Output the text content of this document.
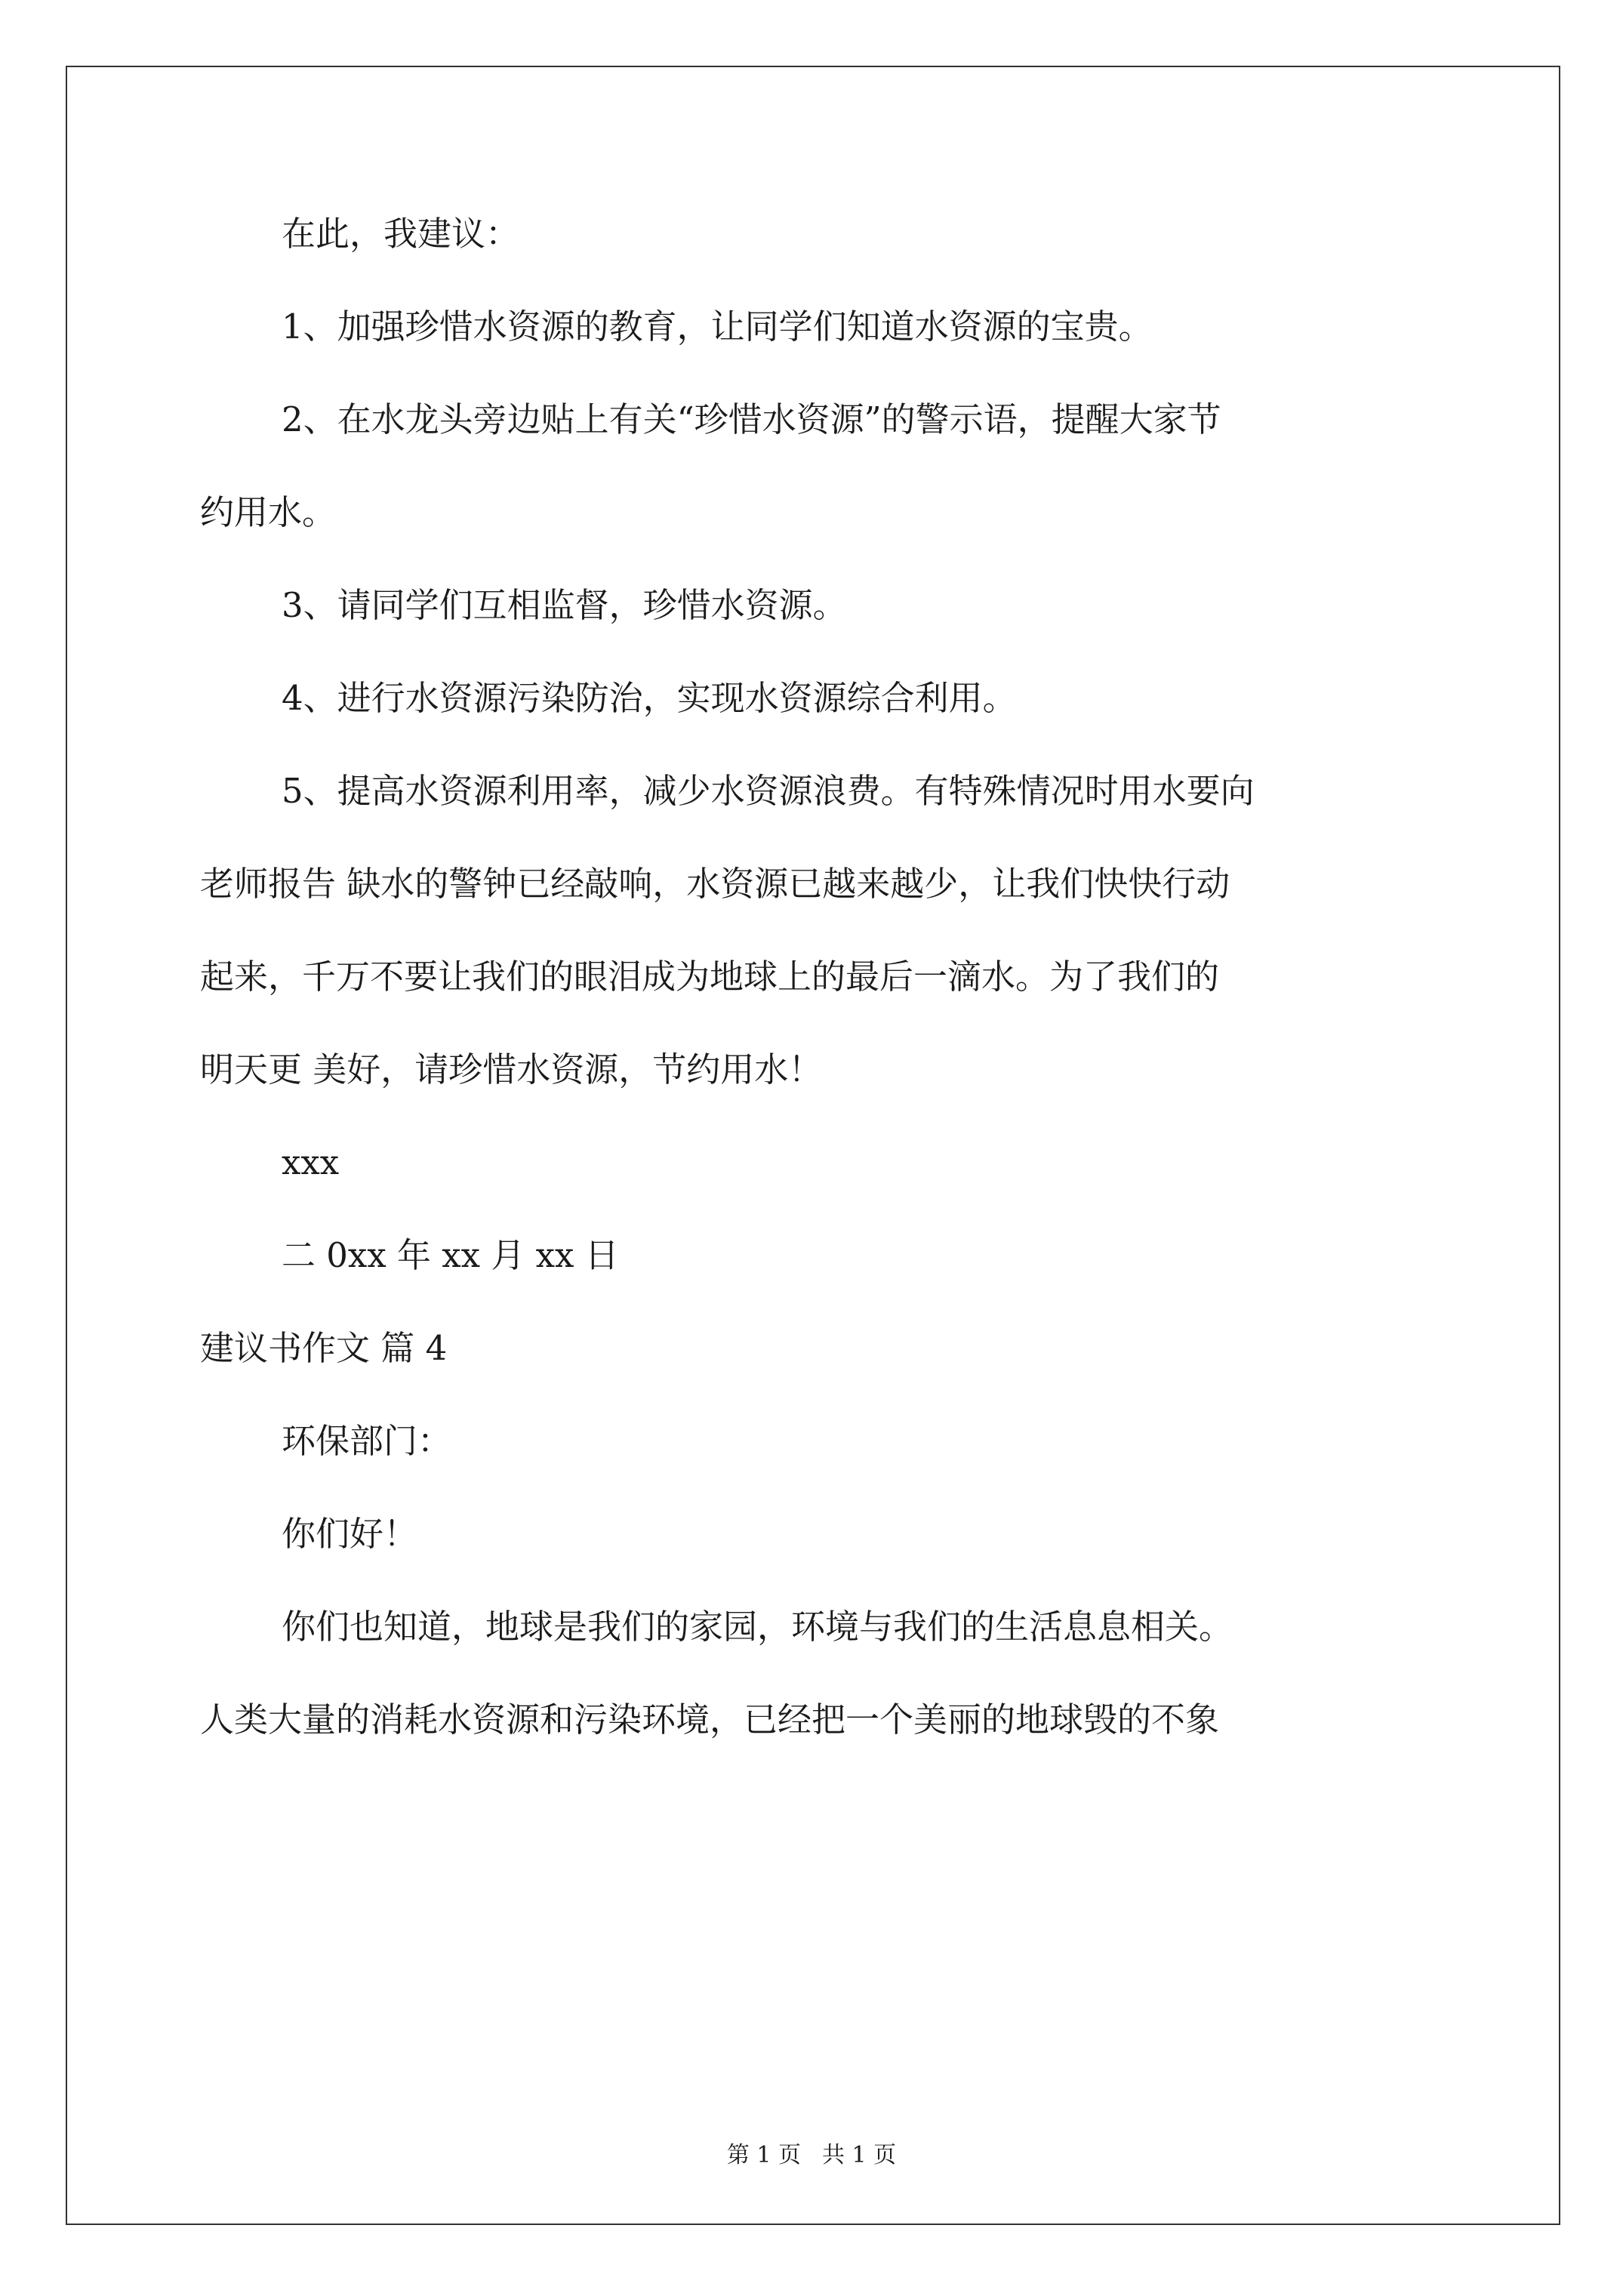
在此，我建议：
1、加强珍惜水资源的教育，让同学们知道水资源的宝贵。
2、在水龙头旁边贴上有关“珍惜水资源”的警示语，提醒大家节
约用水。
3、请同学们互相监督，珍惜水资源。
4、进行水资源污染防治，实现水资源综合利用。
5、提高水资源利用率，减少水资源浪费。有特殊情况时用水要向
老师报告 缺水的警钟已经敲响，水资源已越来越少，让我们快快行动
起来，千万不要让我们的眼泪成为地球上的最后一滴水。为了我们的
明天更 美好，请珍惜水资源，节约用水！
xxx
二 0xx 年 xx 月 xx 日
建议书作文 篇 4
环保部门：
你们好！
你们也知道，地球是我们的家园，环境与我们的生活息息相关。
人类大量的消耗水资源和污染环境，已经把一个美丽的地球毁的不象
第 1 页 共 1 页
